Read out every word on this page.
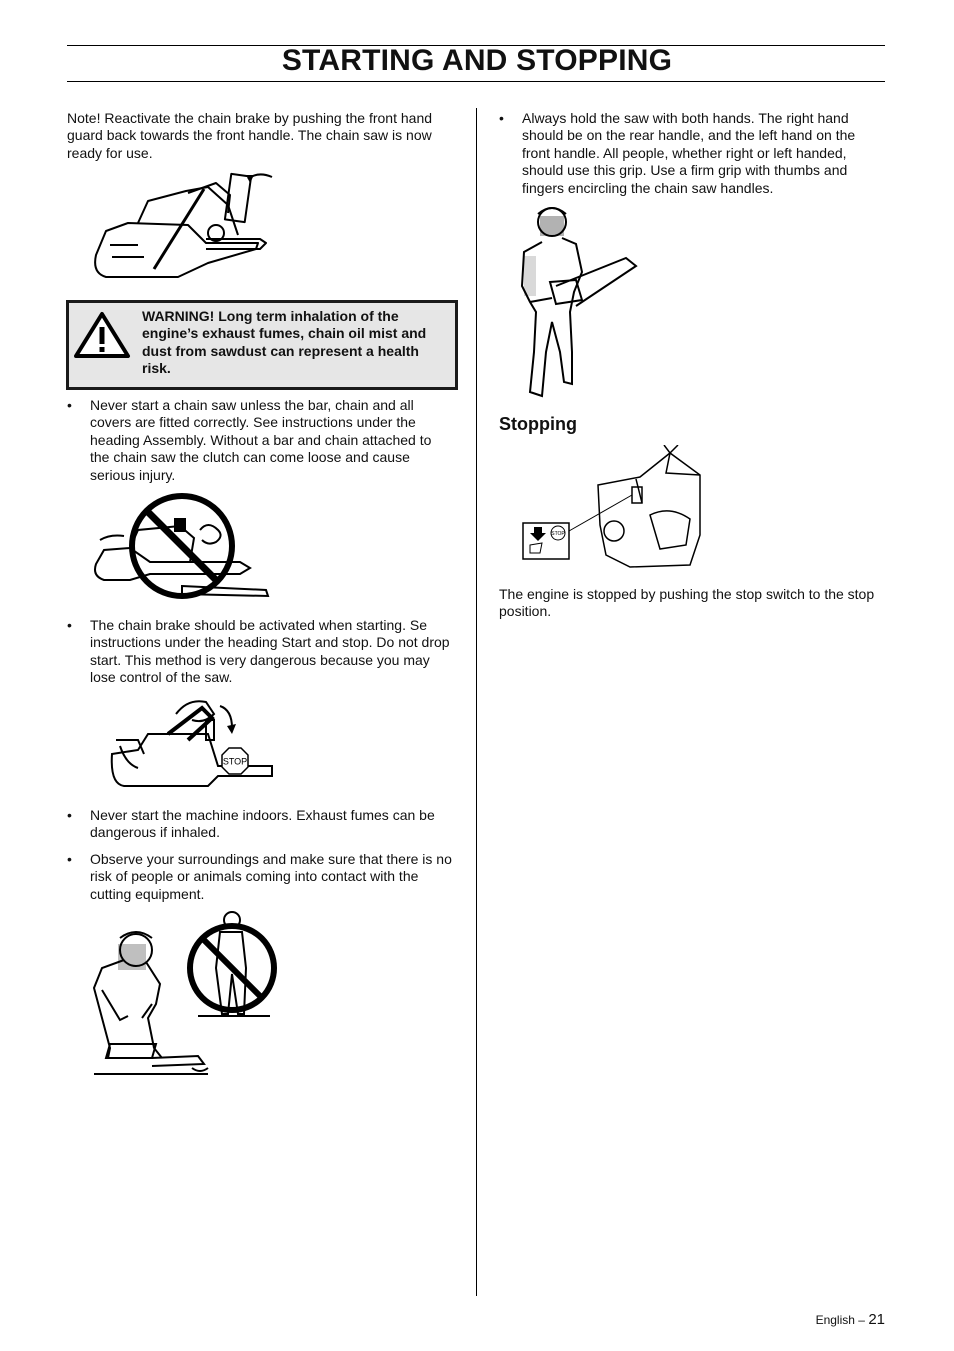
STARTING AND STOPPING

Note! Reactivate the chain brake by pushing the front hand guard back towards the front handle. The chain saw is now ready for use.

WARNING! Long term inhalation of the engine’s exhaust fumes, chain oil mist and dust from sawdust can represent a health risk.
• Never start a chain saw unless the bar, chain and all covers are fitted correctly. See instructions under the heading Assembly. Without a bar and chain attached to the chain saw the clutch can come loose and cause serious injury.
• The chain brake should be activated when starting. Se instructions under the heading Start and stop. Do not drop start. This method is very dangerous because you may lose control of the saw.
STOP
• Never start the machine indoors. Exhaust fumes can be dangerous if inhaled.
• Observe your surroundings and make sure that there is no risk of people or animals coming into contact with the cutting equipment.
• Always hold the saw with both hands. The right hand should be on the rear handle, and the left hand on the front handle. All people, whether right or left handed, should use this grip. Use a firm grip with thumbs and fingers encircling the chain saw handles.
Stopping
STOP

The engine is stopped by pushing the stop switch to the stop position.

English – 21
